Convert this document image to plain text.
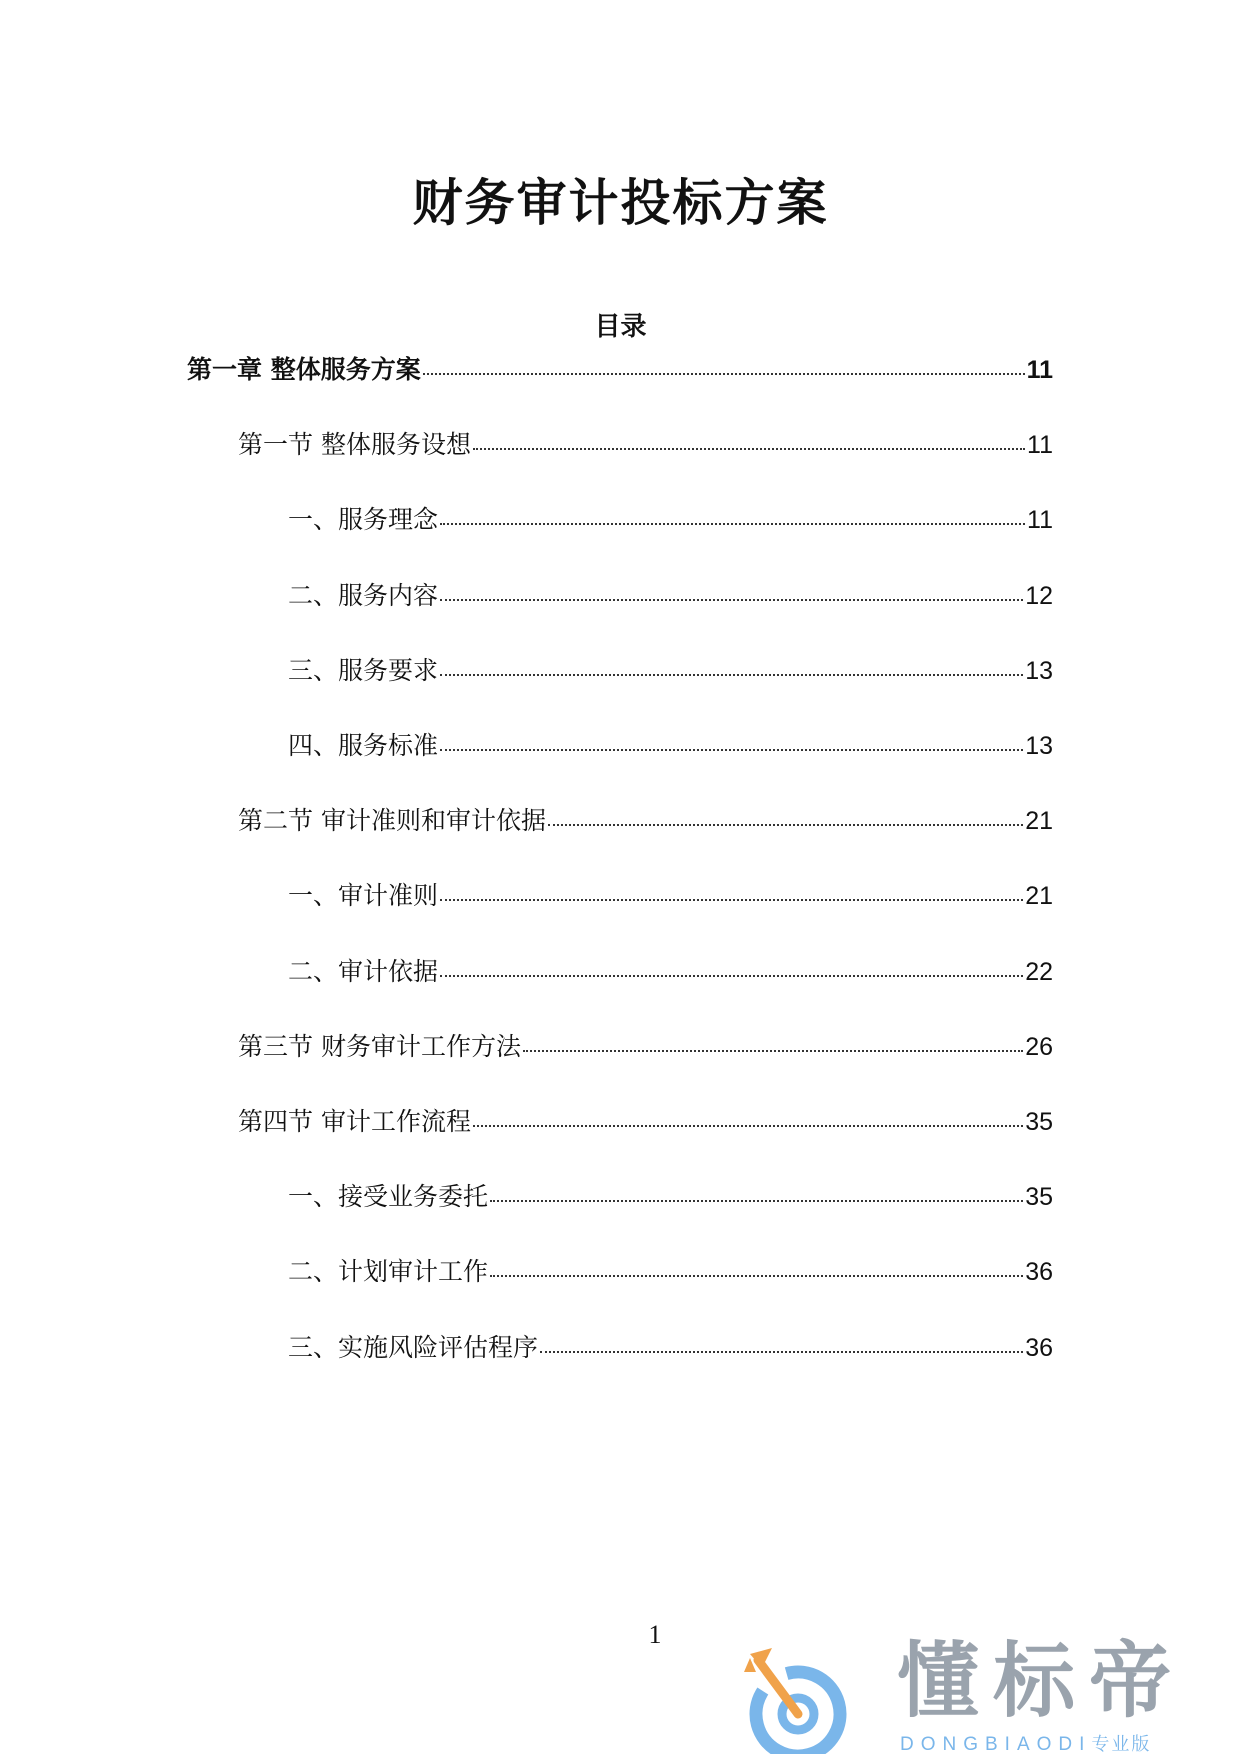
财务审计投标方案
目录
第一章 整体服务方案	11
第一节 整体服务设想	11
一、服务理念	11
二、服务内容	12
三、服务要求	13
四、服务标准	13
第二节 审计准则和审计依据	21
一、审计准则	21
二、审计依据	22
第三节 财务审计工作方法	26
第四节 审计工作流程	35
一、接受业务委托	35
二、计划审计工作	36
三、实施风险评估程序	36
1	懂标帝
DONGBIAODI专业版
